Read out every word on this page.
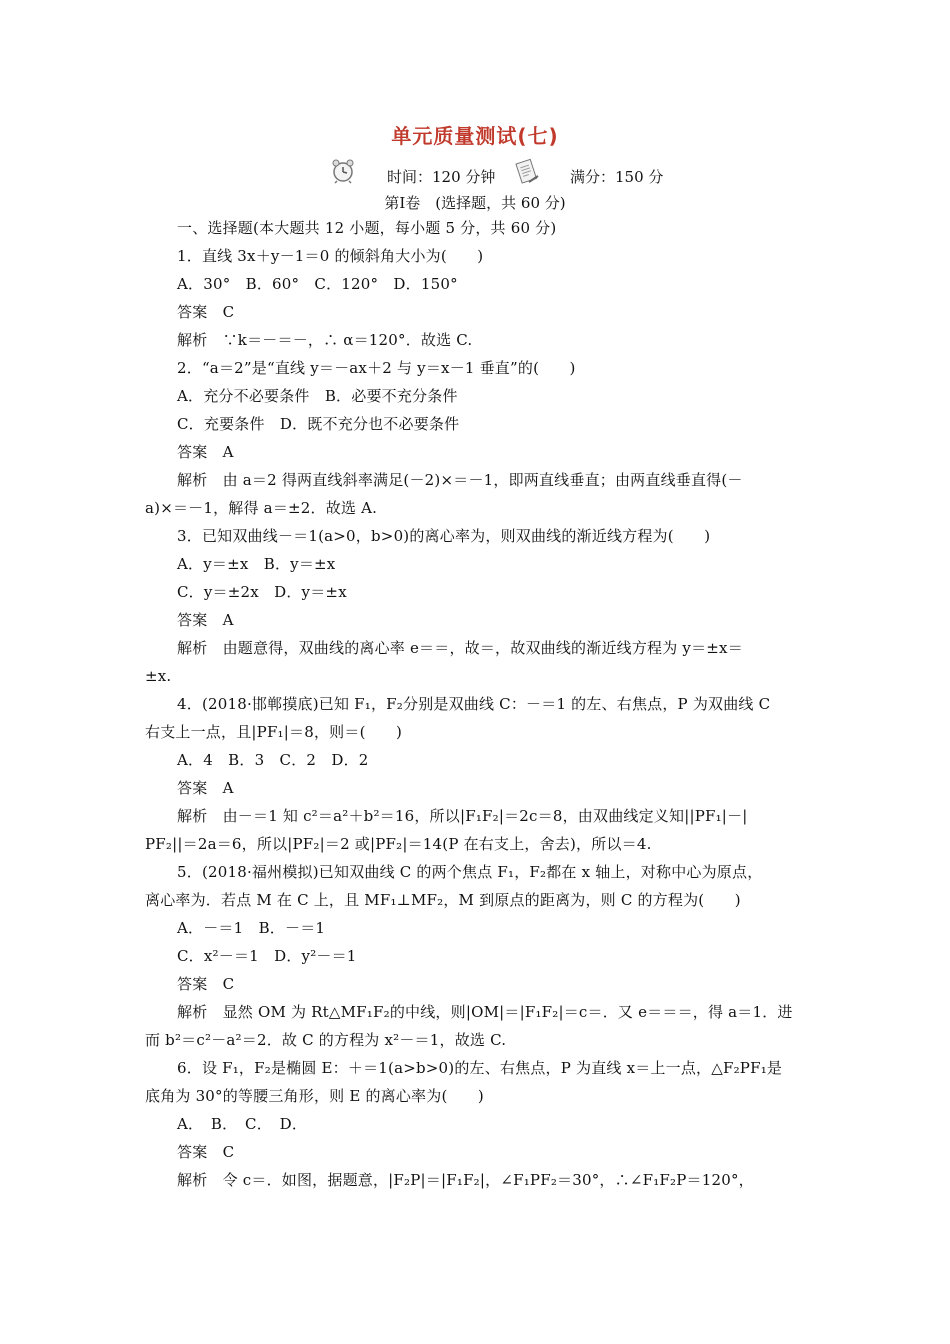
单元质量测试(七)
时间：120 分钟	满分：150 分
第Ⅰ卷　(选择题，共 60 分)
一、选择题(本大题共 12 小题，每小题 5 分，共 60 分)
1．直线 3x＋y－1＝0 的倾斜角大小为(　　)
A．30°　B．60°　C．120°　D．150°
答案　C
解析　∵k＝－＝－，∴ α＝120°．故选 C.
2．“a＝2”是“直线 y＝－ax＋2 与 y＝x－1 垂直”的(　　)
A．充分不必要条件　B．必要不充分条件
C．充要条件　D．既不充分也不必要条件
答案　A
解析　由 a＝2 得两直线斜率满足(－2)×＝－1，即两直线垂直；由两直线垂直得(－
a)×＝－1，解得 a＝±2．故选 A.
3．已知双曲线－＝1(a>0，b>0)的离心率为，则双曲线的渐近线方程为(　　)
A．y＝±x　B．y＝±x
C．y＝±2x　D．y＝±x
答案　A
解析　由题意得，双曲线的离心率 e＝＝，故＝，故双曲线的渐近线方程为 y＝±x＝
±x.
4．(2018·邯郸摸底)已知 F₁，F₂分别是双曲线 C：－＝1 的左、右焦点，P 为双曲线 C
右支上一点，且|PF₁|＝8，则＝(　　)
A．4　B．3　C．2　D．2
答案　A
解析　由－＝1 知 c²＝a²＋b²＝16，所以|F₁F₂|＝2c＝8，由双曲线定义知||PF₁|－|
PF₂||＝2a＝6，所以|PF₂|＝2 或|PF₂|＝14(P 在右支上，舍去)，所以＝4.
5．(2018·福州模拟)已知双曲线 C 的两个焦点 F₁，F₂都在 x 轴上，对称中心为原点，
离心率为．若点 M 在 C 上，且 MF₁⊥MF₂，M 到原点的距离为，则 C 的方程为(　　)
A．－＝1　B．－＝1
C．x²－＝1　D．y²－＝1
答案　C
解析　显然 OM 为 Rt△MF₁F₂的中线，则|OM|＝|F₁F₂|＝c＝．又 e＝＝＝，得 a＝1．进
而 b²＝c²－a²＝2．故 C 的方程为 x²－＝1，故选 C.
6．设 F₁，F₂是椭圆 E：＋＝1(a>b>0)的左、右焦点，P 为直线 x＝上一点，△F₂PF₁是
底角为 30°的等腰三角形，则 E 的离心率为(　　)
A．　B．　C．　D．
答案　C
解析　令 c＝．如图，据题意，|F₂P|＝|F₁F₂|，∠F₁PF₂＝30°，∴∠F₁F₂P＝120°，
